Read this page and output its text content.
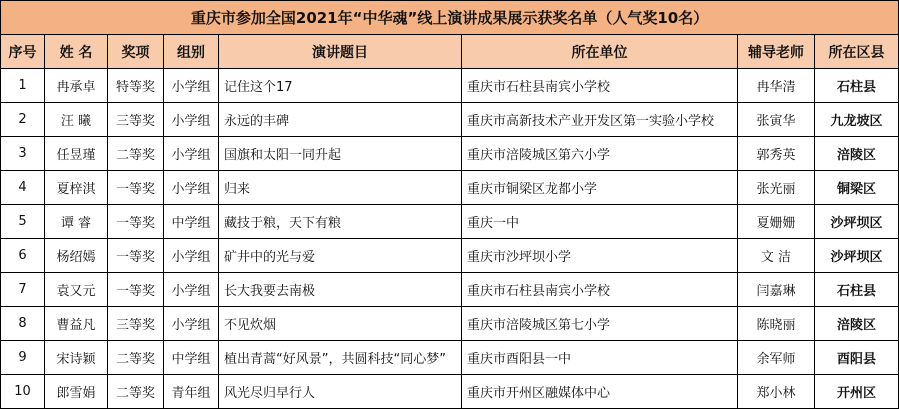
重庆市参加全国2021年“中华魂”线上演讲成果展示获奖名单（人气奖10名）							
序号	姓 名	奖项	组别	演讲题目	所在单位	辅导老师	所在区县
1	冉承卓	特等奖	小学组	记住这个17	重庆市石柱县南宾小学校	冉华清	石柱县
2	汪 曦	三等奖	小学组	永远的丰碑	重庆市高新技术产业开发区第一实验小学校	张寅华	九龙坡区
3	任昱瑾	二等奖	小学组	国旗和太阳一同升起	重庆市涪陵城区第六小学	郭秀英	涪陵区
4	夏梓淇	一等奖	小学组	归来	重庆市铜梁区龙都小学	张光丽	铜梁区
5	谭 睿	一等奖	中学组	藏技于粮，天下有粮	重庆一中	夏姗姗	沙坪坝区
6	杨绍嫣	一等奖	小学组	矿井中的光与爱	重庆市沙坪坝小学	文 洁	沙坪坝区
7	袁又元	一等奖	小学组	长大我要去南极	重庆市石柱县南宾小学校	闫嘉琳	石柱县
8	曹益凡	三等奖	小学组	不见炊烟	重庆市涪陵城区第七小学	陈晓丽	涪陵区
9	宋诗颖	二等奖	中学组	植出青蒿“好风景”，共圆科技“同心梦”	重庆市酉阳县一中	余军师	酉阳县
10	郎雪娟	二等奖	青年组	风光尽归早行人	重庆市开州区融媒体中心	郑小林	开州区
